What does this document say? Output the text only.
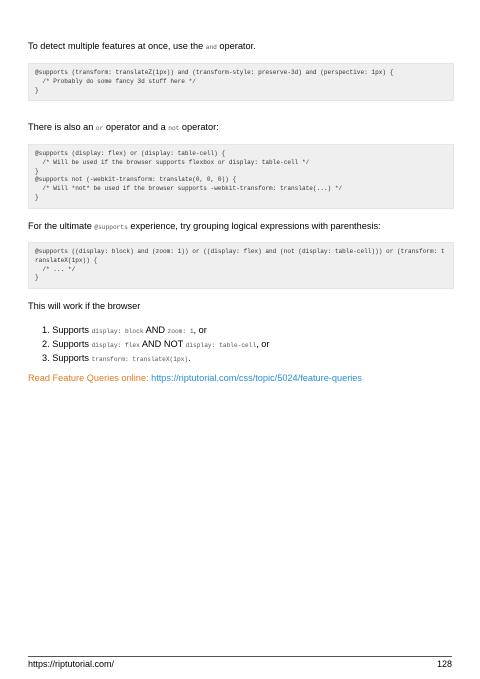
To detect multiple features at once, use the and operator.

@supports (transform: translateZ(1px)) and (transform-style: preserve-3d) and (perspective: 1px) {
/* Probably do some fancy 3d stuff here */
}

There is also an or operator and a not operator:

@supports (display: flex) or (display: table-cell) {
/* Will be used if the browser supports flexbox or display: table-cell */
}
@supports not (-webkit-transform: translate(0, 0, 0)) {
/* Will *not* be used if the browser supports -webkit-transform: translate(...) */
}

For the ultimate @supports experience, try grouping logical expressions with parenthesis:

@supports ((display: block) and (zoom: 1)) or ((display: flex) and (not (display: table-cell))) or (transform: translateX(1px)) {
/* ... */
}

This will work if the browser

1. Supports display: block AND zoom: 1, or
2. Supports display: flex AND NOT display: table-cell, or
3. Supports transform: translateX(1px).
Read Feature Queries online: https://riptutorial.com/css/topic/5024/feature-queries
https://riptutorial.com/	128
